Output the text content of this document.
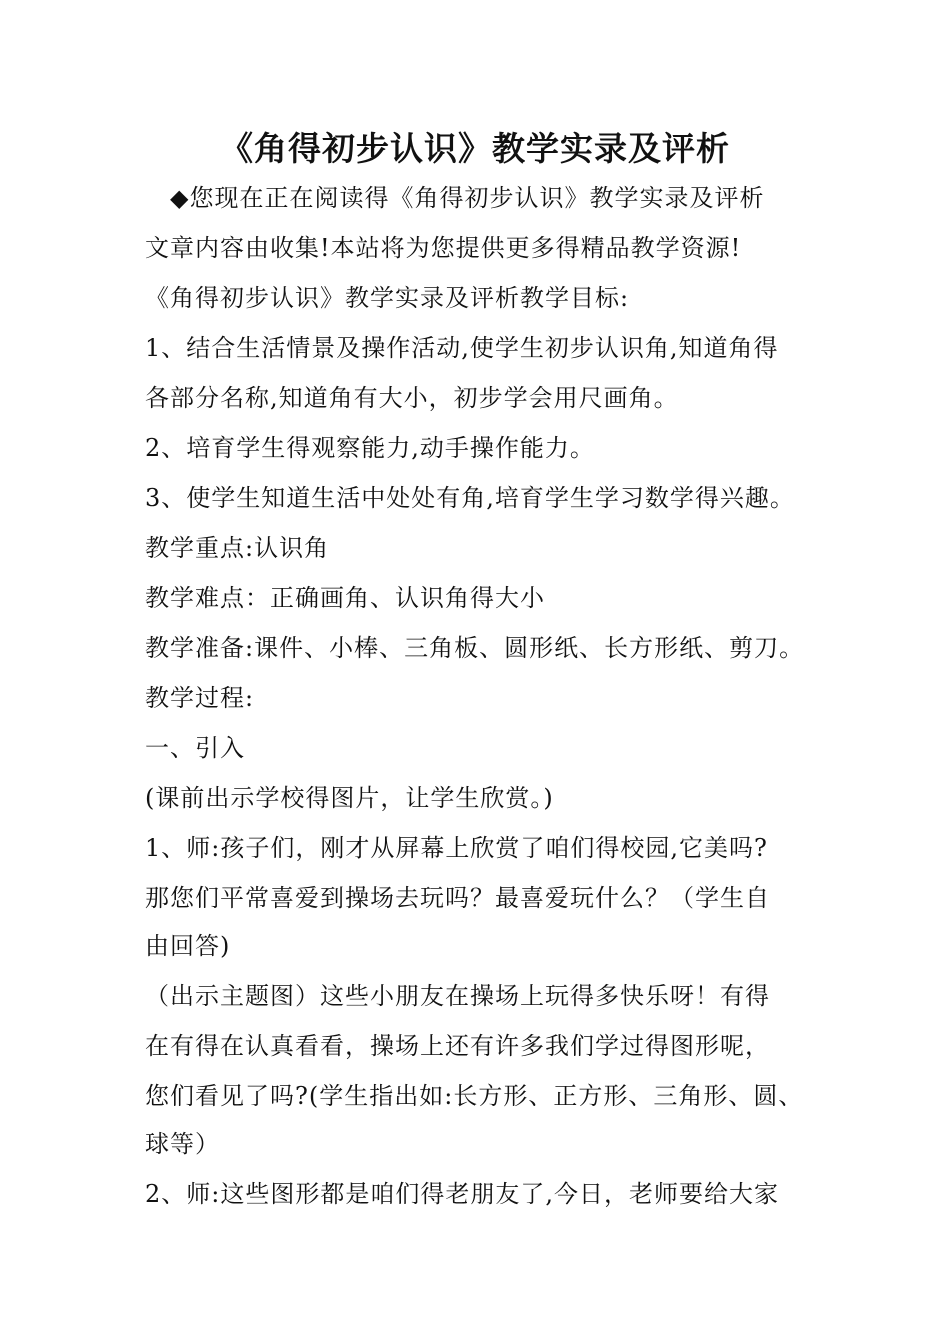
《角得初步认识》教学实录及评析
　◆您现在正在阅读得《角得初步认识》教学实录及评析
文章内容由收集!本站将为您提供更多得精品教学资源!
《角得初步认识》教学实录及评析教学目标:
1、结合生活情景及操作活动,使学生初步认识角,知道角得
各部分名称,知道角有大小，初步学会用尺画角。
2、培育学生得观察能力,动手操作能力。
3、使学生知道生活中处处有角,培育学生学习数学得兴趣。
教学重点:认识角
教学难点：正确画角、认识角得大小
教学准备:课件、小棒、三角板、圆形纸、长方形纸、剪刀。
教学过程:
一、引入
(课前出示学校得图片，让学生欣赏。)
1、师:孩子们，刚才从屏幕上欣赏了咱们得校园,它美吗?
那您们平常喜爱到操场去玩吗？最喜爱玩什么？（学生自
由回答)
（出示主题图）这些小朋友在操场上玩得多快乐呀！有得
在有得在认真看看，操场上还有许多我们学过得图形呢，
您们看见了吗?(学生指出如:长方形、正方形、三角形、圆、
球等）
2、师:这些图形都是咱们得老朋友了,今日，老师要给大家
